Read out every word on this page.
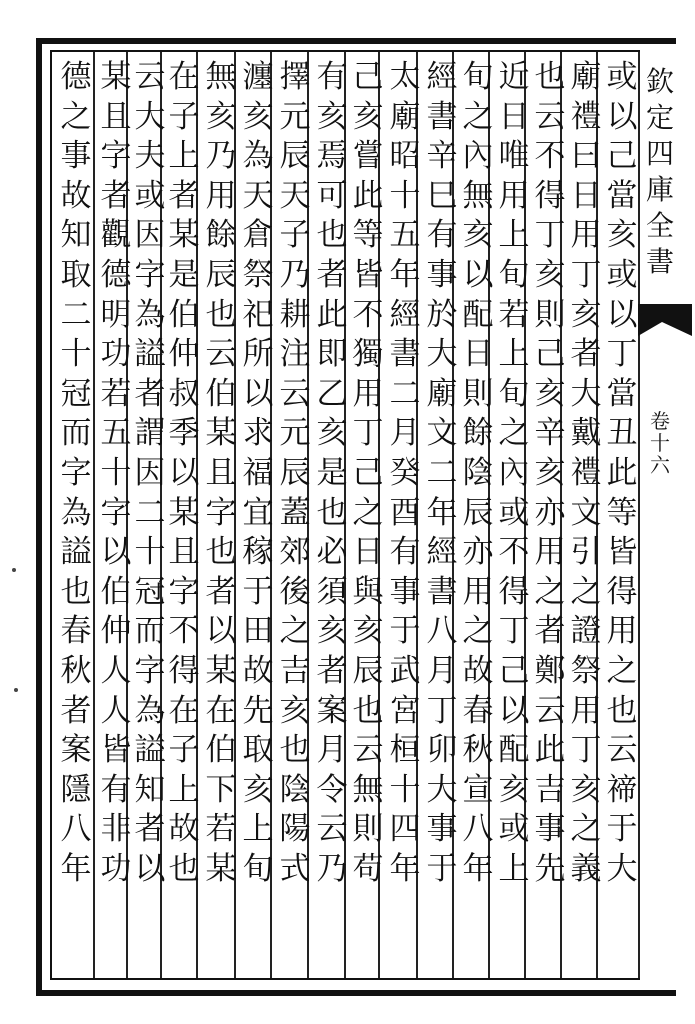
或
以
己
當
亥
或
以
丁
當
丑
此
等
皆
得
用
之
也
云
禘
于
大
廟
禮
曰
日
用
丁
亥
者
大
戴
禮
文
引
之
證
祭
用
丁
亥
之
義
也
云
不
得
丁
亥
則
己
亥
辛
亥
亦
用
之
者
鄭
云
此
吉
事
先
近
日
唯
用
上
旬
若
上
旬
之
內
或
不
得
丁
己
以
配
亥
或
上
旬
之
內
無
亥
以
配
日
則
餘
陰
辰
亦
用
之
故
春
秋
宣
八
年
經
書
辛
巳
有
事
於
大
廟
文
二
年
經
書
八
月
丁
卯
大
事
于
太
廟
昭
十
五
年
經
書
二
月
癸
酉
有
事
于
武
宮
桓
十
四
年
己
亥
嘗
此
等
皆
不
獨
用
丁
己
之
日
與
亥
辰
也
云
無
則
苟
有
亥
焉
可
也
者
此
即
乙
亥
是
也
必
須
亥
者
案
月
令
云
乃
擇
元
辰
天
子
乃
耕
注
云
元
辰
蓋
郊
後
之
吉
亥
也
陰
陽
式
瀍
亥
為
天
倉
祭
祀
所
以
求
福
宜
稼
于
田
故
先
取
亥
上
旬
無
亥
乃
用
餘
辰
也
云
伯
某
且
字
也
者
以
某
在
伯
下
若
某
在
子
上
者
某
是
伯
仲
叔
季
以
某
且
字
不
得
在
子
上
故
也
云
大
夫
或
因
字
為
謚
者
謂
因
二
十
冠
而
字
為
謚
知
者
以
某
且
字
者
觀
德
明
功
若
五
十
字
以
伯
仲
人
人
皆
有
非
功
德
之
事
故
知
取
二
十
冠
而
字
為
謚
也
春
秋
者
案
隱
八
年
欽
定
四
庫
全
書
卷
十
六
